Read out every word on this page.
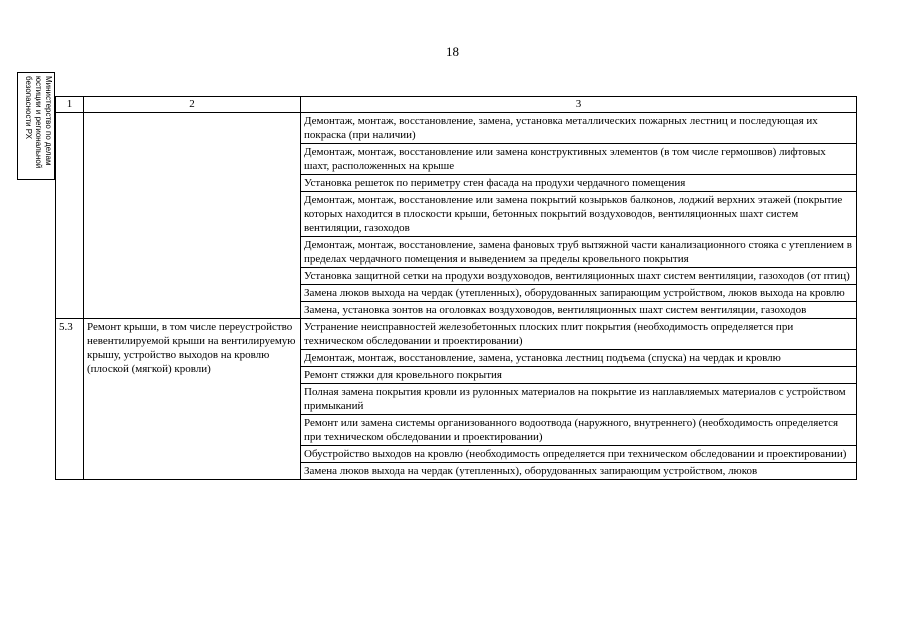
18
Министерство по делам
юстиции и региональной
безопасности РХ	1	2	3
		Демонтаж, монтаж, восстановление, замена, установка металлических пожарных лестниц и последующая их покраска (при наличии)
		Демонтаж, монтаж, восстановление или замена конструктивных элементов (в том числе гермошвов) лифтовых шахт, расположенных на крыше
		Установка решеток по периметру стен фасада на продухи чердачного помещения
		Демонтаж, монтаж, восстановление или замена покрытий козырьков балконов, лоджий верхних этажей (покрытие которых находится в плоскости крыши, бетонных покрытий воздуховодов, вентиляционных шахт систем вентиляции, газоходов
		Демонтаж, монтаж, восстановление, замена фановых труб вытяжной части канализационного стояка с утеплением в пределах чердачного помещения и выведением за пределы кровельного покрытия
		Установка защитной сетки на продухи воздуховодов, вентиляционных шахт систем вентиляции, газоходов (от птиц)
		Замена люков выхода на чердак (утепленных), оборудованных запирающим устройством, люков выхода на кровлю
		Замена, установка зонтов на оголовках воздуховодов, вентиляционных шахт систем вентиляции, газоходов
5.3	Ремонт крыши, в том числе переустройство невентилируемой крыши на вентилируемую крышу, устройство выходов на кровлю (плоской (мягкой) кровли)	Устранение неисправностей железобетонных плоских плит покрытия (необходимость определяется при техническом обследовании и проектировании)
		Демонтаж, монтаж, восстановление, замена, установка лестниц подъема (спуска) на чердак и кровлю
		Ремонт стяжки для кровельного покрытия
		Полная замена покрытия кровли из рулонных материалов на покрытие из наплавляемых материалов с устройством примыканий
		Ремонт или замена системы организованного водоотвода (наружного, внутреннего) (необходимость определяется при техническом обследовании и проектировании)
		Обустройство выходов на кровлю (необходимость определяется при техническом обследовании и проектировании)
		Замена люков выхода на чердак (утепленных), оборудованных запирающим устройством, люков
